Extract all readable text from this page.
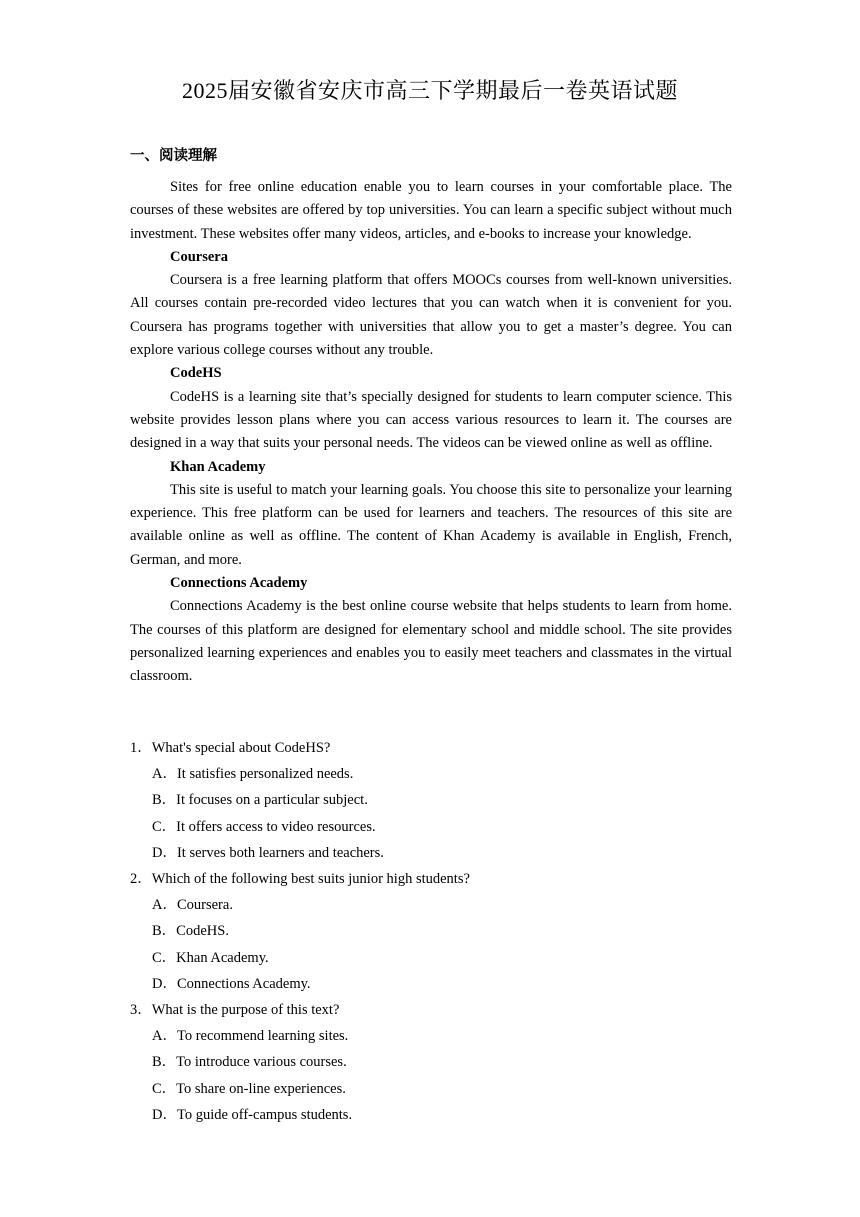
2025届安徽省安庆市高三下学期最后一卷英语试题
一、阅读理解

Sites for free online education enable you to learn courses in your comfortable place. The courses of these websites are offered by top universities. You can learn a specific subject without much investment. These websites offer many videos, articles, and e-books to increase your knowledge.

Coursera

Coursera is a free learning platform that offers MOOCs courses from well-known universities. All courses contain pre-recorded video lectures that you can watch when it is convenient for you. Coursera has programs together with universities that allow you to get a master’s degree. You can explore various college courses without any trouble.

CodeHS

CodeHS is a learning site that’s specially designed for students to learn computer science. This website provides lesson plans where you can access various resources to learn it. The courses are designed in a way that suits your personal needs. The videos can be viewed online as well as offline.

Khan Academy

This site is useful to match your learning goals. You choose this site to personalize your learning experience. This free platform can be used for learners and teachers. The resources of this site are available online as well as offline. The content of Khan Academy is available in English, French, German, and more.

Connections Academy

Connections Academy is the best online course website that helps students to learn from home. The courses of this platform are designed for elementary school and middle school. The site provides personalized learning experiences and enables you to easily meet teachers and classmates in the virtual classroom.

1．What's special about CodeHS?

A．It satisfies personalized needs.

B．It focuses on a particular subject.

C．It offers access to video resources.

D．It serves both learners and teachers.

2．Which of the following best suits junior high students?

A．Coursera.

B．CodeHS.

C．Khan Academy.

D．Connections Academy.

3．What is the purpose of this text?

A．To recommend learning sites.

B．To introduce various courses.

C．To share on-line experiences.

D．To guide off-campus students.
